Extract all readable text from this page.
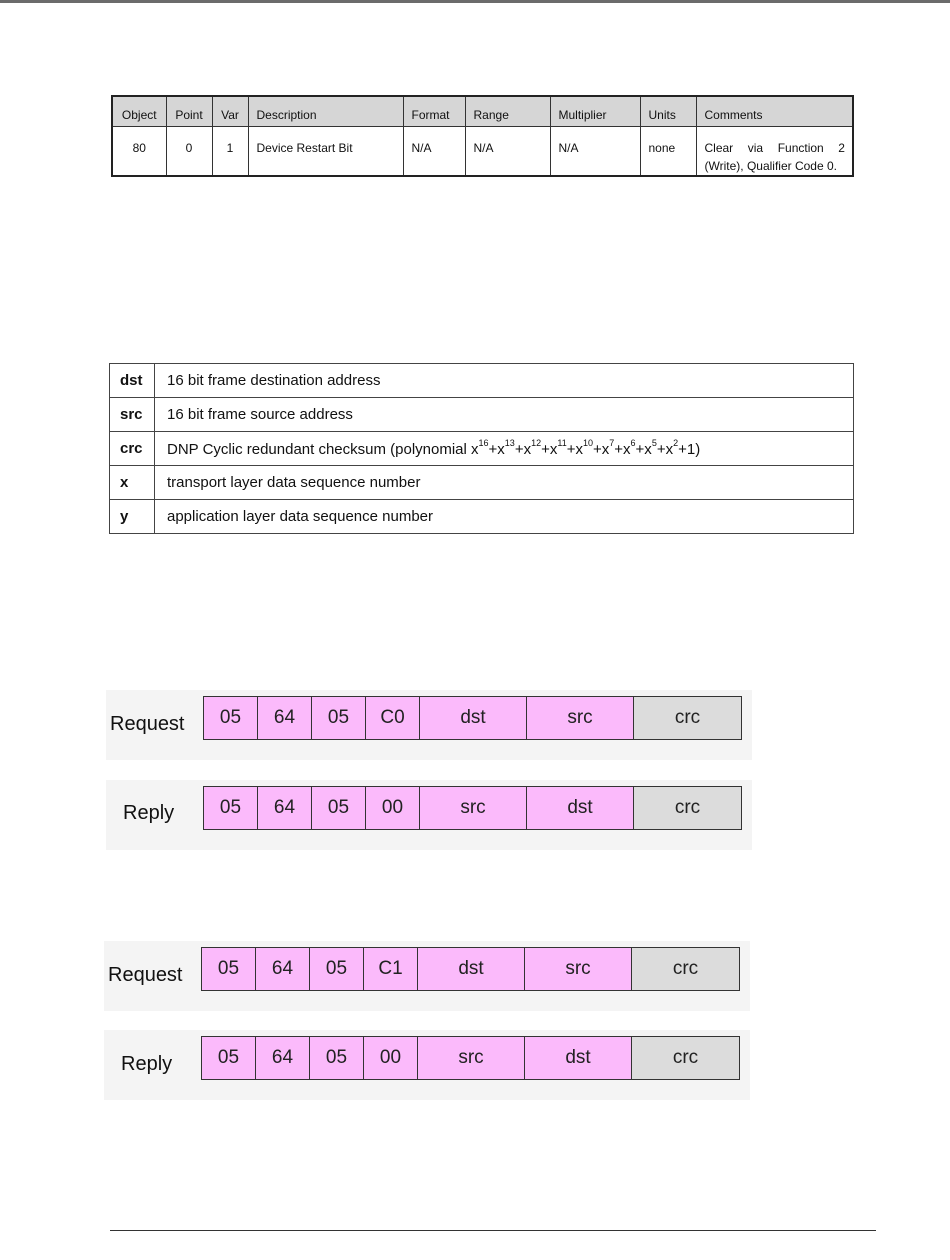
Object	Point	Var	Description	Format	Range	Multiplier	Units	Comments
80	0	1	Device Restart Bit	N/A	N/A	N/A	none	Clear via Function 2
(Write), Qualifier Code 0.
dst	16 bit frame destination address
src	16 bit frame source address
crc	DNP Cyclic redundant checksum (polynomial $x^{16}+x^{13}+x^{12}+x^{11}+x^{10}+x^7+x^6+x^5+x^2+1$)
x	transport layer data sequence number
y	application layer data sequence number
Request	05	64	05	C0	dst	src	crc
Reply	05	64	05	00	src	dst	crc
Request	05	64	05	C1	dst	src	crc
Reply	05	64	05	00	src	dst	crc
